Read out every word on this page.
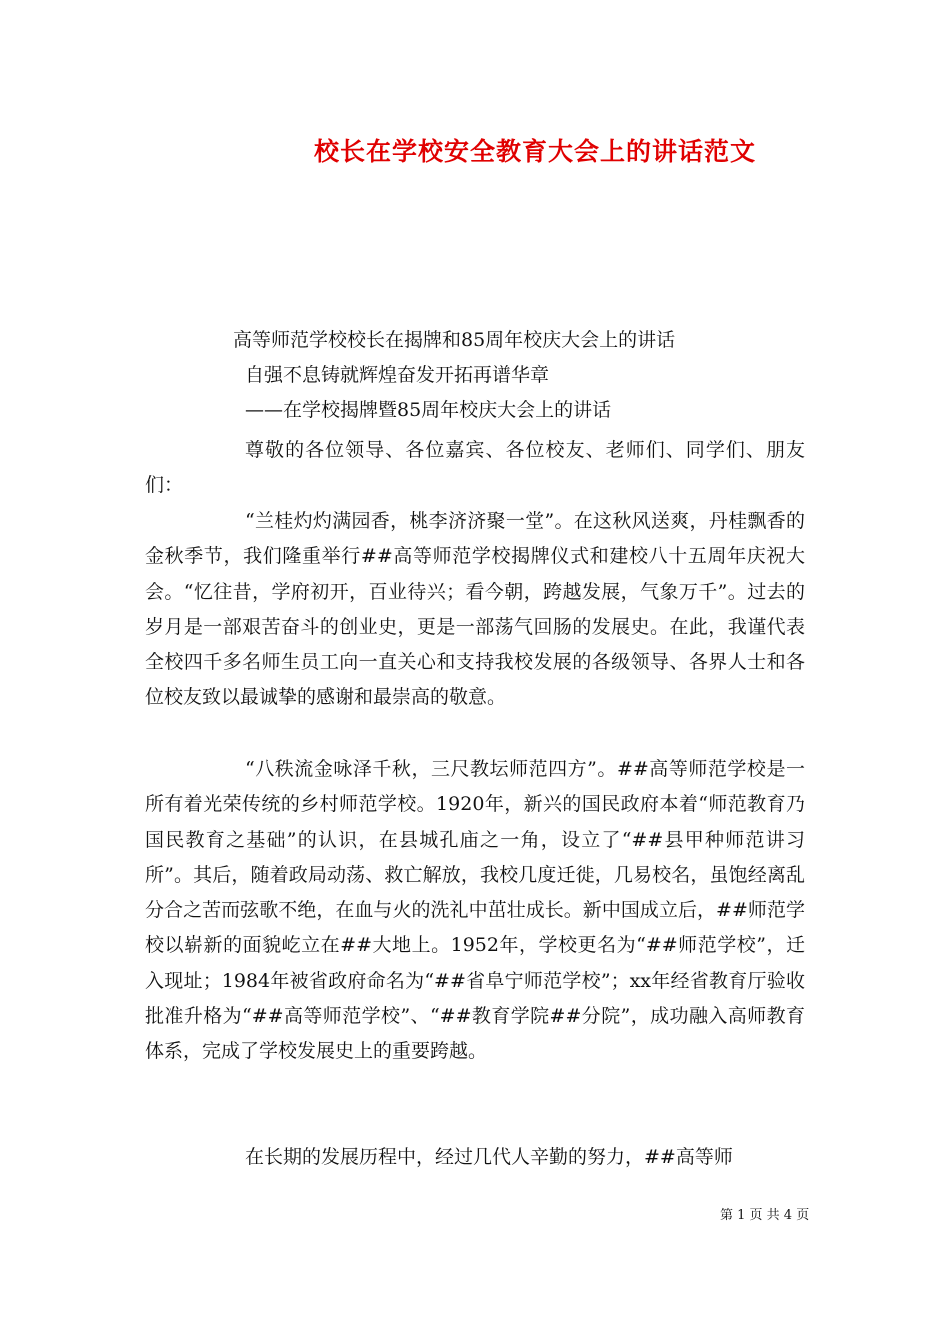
校长在学校安全教育大会上的讲话范文

高等师范学校校长在揭牌和85周年校庆大会上的讲话

自强不息铸就辉煌奋发开拓再谱华章

——在学校揭牌暨85周年校庆大会上的讲话

尊敬的各位领导、各位嘉宾、各位校友、老师们、同学们、朋友们：

“兰桂灼灼满园香，桃李济济聚一堂”。在这秋风送爽，丹桂飘香的金秋季节，我们隆重举行##高等师范学校揭牌仪式和建校八十五周年庆祝大会。“忆往昔，学府初开，百业待兴；看今朝，跨越发展，气象万千”。过去的岁月是一部艰苦奋斗的创业史，更是一部荡气回肠的发展史。在此，我谨代表全校四千多名师生员工向一直关心和支持我校发展的各级领导、各界人士和各位校友致以最诚挚的感谢和最崇高的敬意。

“八秩流金咏泽千秋，三尺教坛师范四方”。##高等师范学校是一所有着光荣传统的乡村师范学校。1920年，新兴的国民政府本着“师范教育乃国民教育之基础”的认识，在县城孔庙之一角，设立了“##县甲种师范讲习所”。其后，随着政局动荡、救亡解放，我校几度迁徙，几易校名，虽饱经离乱分合之苦而弦歌不绝，在血与火的洗礼中茁壮成长。新中国成立后，##师范学校以崭新的面貌屹立在##大地上。1952年，学校更名为“##师范学校”，迁入现址；1984年被省政府命名为“##省阜宁师范学校”；xx年经省教育厅验收批准升格为“##高等师范学校”、“##教育学院##分院”，成功融入高师教育体系，完成了学校发展史上的重要跨越。

在长期的发展历程中，经过几代人辛勤的努力，##高等师

第 1 页 共 4 页
